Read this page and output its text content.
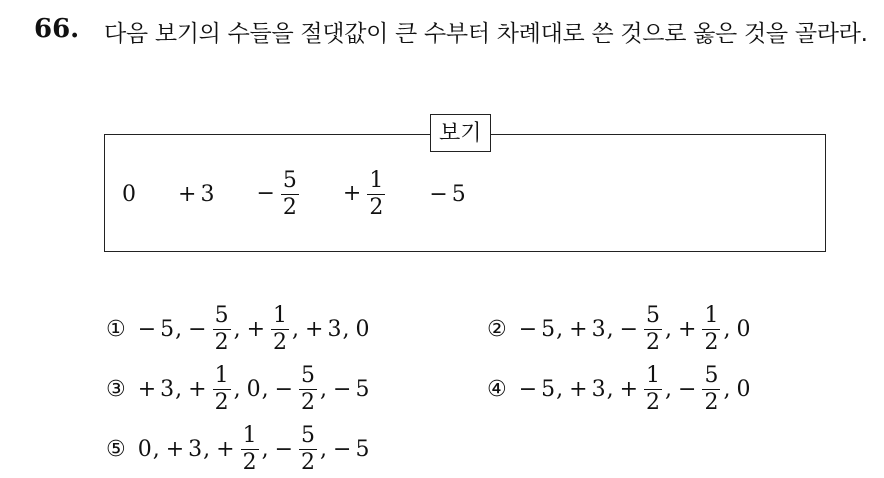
66. 다음 보기의 수들을 절댓값이 큰 수부터 차례대로 쓴 것으로 옳은 것을 골라라.
보기
$0 + 3 - \frac{5}{2} + \frac{1}{2} - 5$
① − 5 , − $\frac{5}{2}$ , + $\frac{1}{2}$ , + 3 , 0	② − 5 , + 3 , − $\frac{5}{2}$ , + $\frac{1}{2}$ , 0
③ + 3 , + $\frac{1}{2}$ , 0 , − $\frac{5}{2}$ , − 5	④ − 5 , + 3 , + $\frac{1}{2}$ , − $\frac{5}{2}$ , 0
⑤ 0 , + 3 , + $\frac{1}{2}$ , − $\frac{5}{2}$ , − 5
